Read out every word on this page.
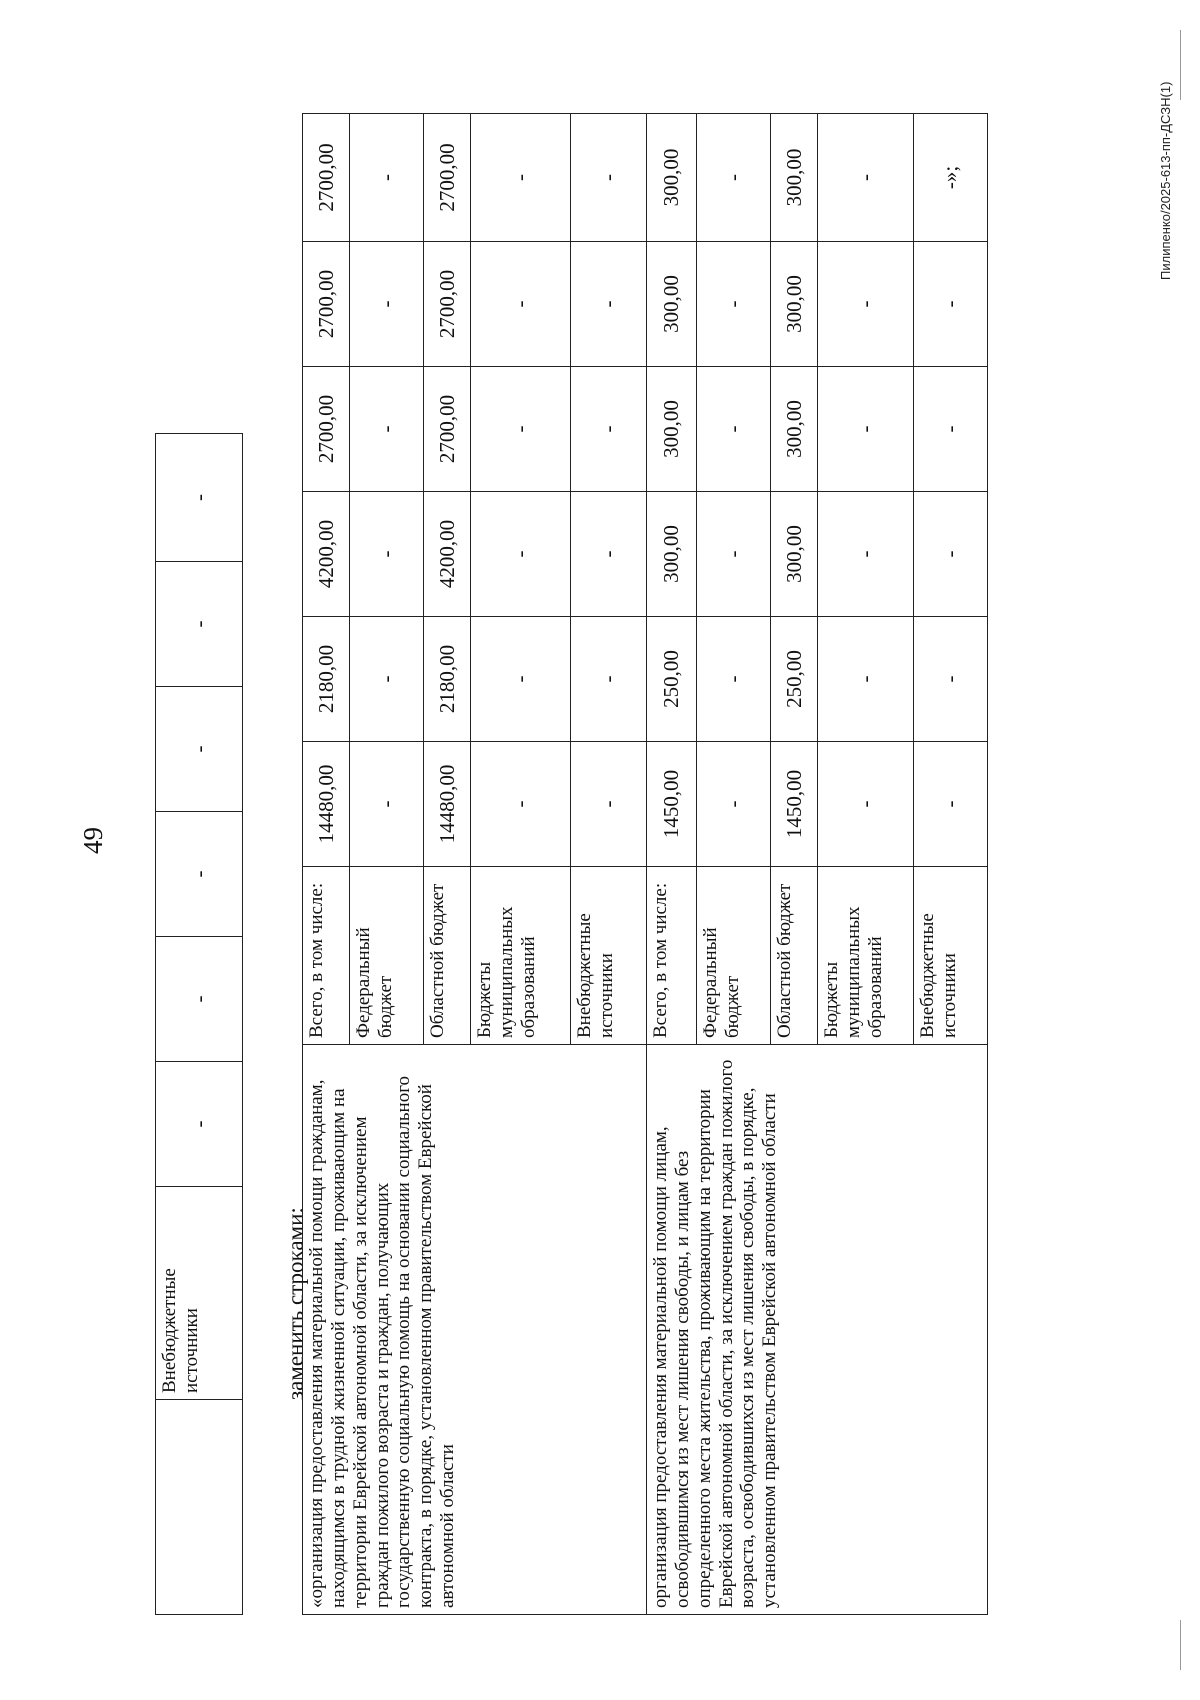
49
	Внебюджетные источники	-	-	-	-	-	-
заменить строками:
«организация предоставления материальной помощи гражданам, находящимся в трудной жизненной ситуации, проживающим на территории Еврейской автономной области, за исключением граждан пожилого возраста и граждан, получающих государственную социальную помощь на основании социального контракта, в порядке, установленном правительством Еврейской автономной области	Всего, в том числе:	14480,00	2180,00	4200,00	2700,00	2700,00	2700,00
	Федеральный бюджет	-	-	-	-	-	-
	Областной бюджет	14480,00	2180,00	4200,00	2700,00	2700,00	2700,00
	Бюджеты муниципальных образований	-	-	-	-	-	-
	Внебюджетные источники	-	-	-	-	-	-
организация предоставления материальной помощи лицам, освободившимся из мест лишения свободы, и лицам без определенного места жительства, проживающим на территории Еврейской автономной области, за исключением граждан пожилого возраста, освободившихся из мест лишения свободы, в порядке, установленном правительством Еврейской автономной области	Всего, в том числе:	1450,00	250,00	300,00	300,00	300,00	300,00
	Федеральный бюджет	-	-	-	-	-	-
	Областной бюджет	1450,00	250,00	300,00	300,00	300,00	300,00
	Бюджеты муниципальных образований	-	-	-	-	-	-
	Внебюджетные источники	-	-	-	-	-	-»;	Пилипенко/2025-613-пп-ДСЗН(1)
